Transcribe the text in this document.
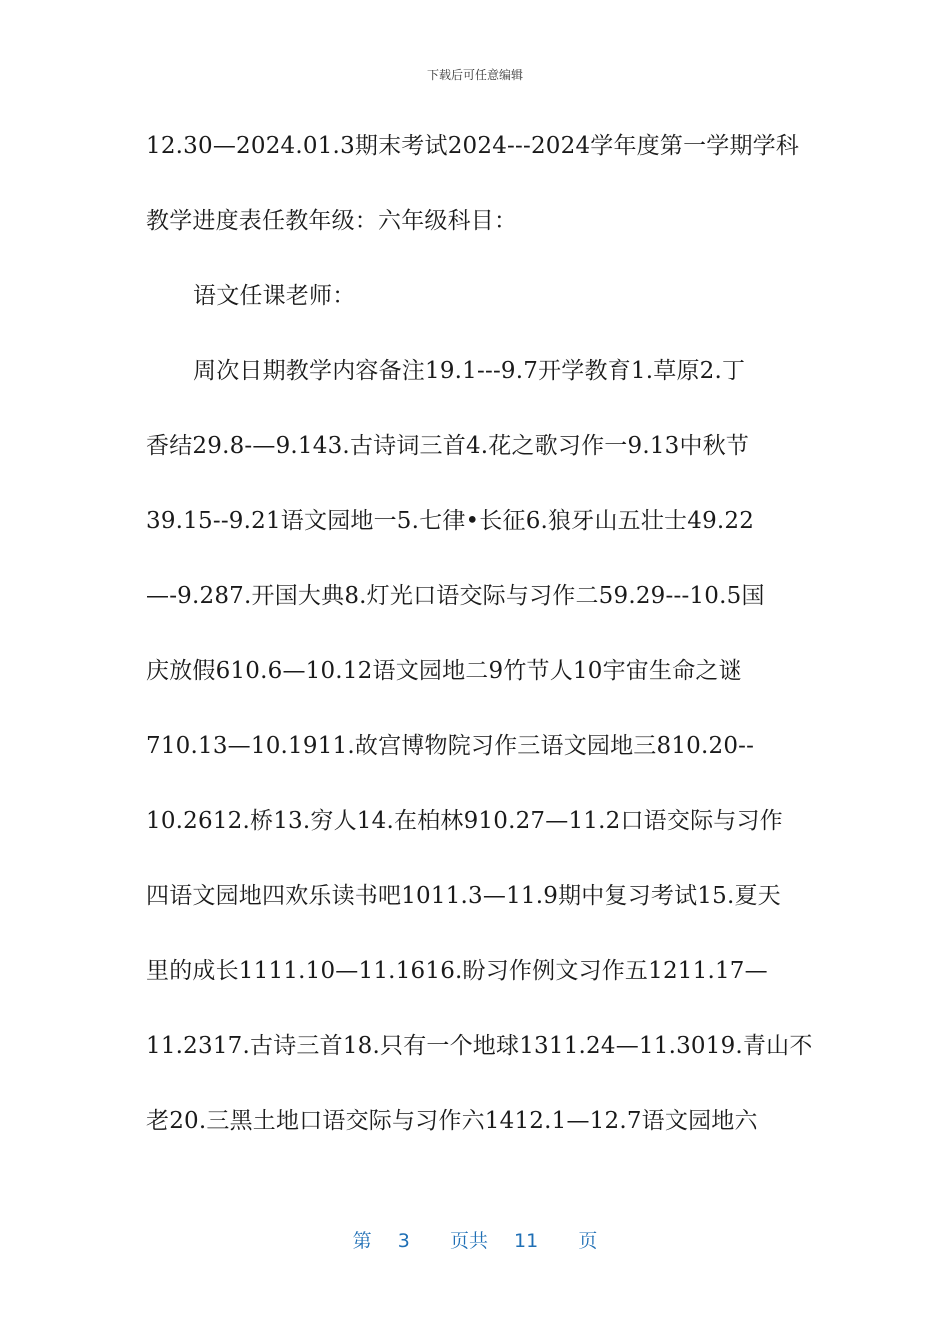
下载后可任意编辑
12.30—2024.01.3期末考试2024---2024学年度第一学期学科
教学进度表任教年级：六年级科目：
语文任课老师：
周次日期教学内容备注19.1---9.7开学教育1.草原2.丁
香结29.8-—9.143.古诗词三首4.花之歌习作一9.13中秋节
39.15--9.21语文园地一5.七律•长征6.狼牙山五壮士49.22
—-9.287.开国大典8.灯光口语交际与习作二59.29---10.5国
庆放假610.6—10.12语文园地二9竹节人10宇宙生命之谜
710.13—10.1911.故宫博物院习作三语文园地三810.20--
10.2612.桥13.穷人14.在柏林910.27—11.2口语交际与习作
四语文园地四欢乐读书吧1011.3—11.9期中复习考试15.夏天
里的成长1111.10—11.1616.盼习作例文习作五1211.17—
11.2317.古诗三首18.只有一个地球1311.24—11.3019.青山不
老20.三黑土地口语交际与习作六1412.1—12.7语文园地六
第 3 页共 11 页
